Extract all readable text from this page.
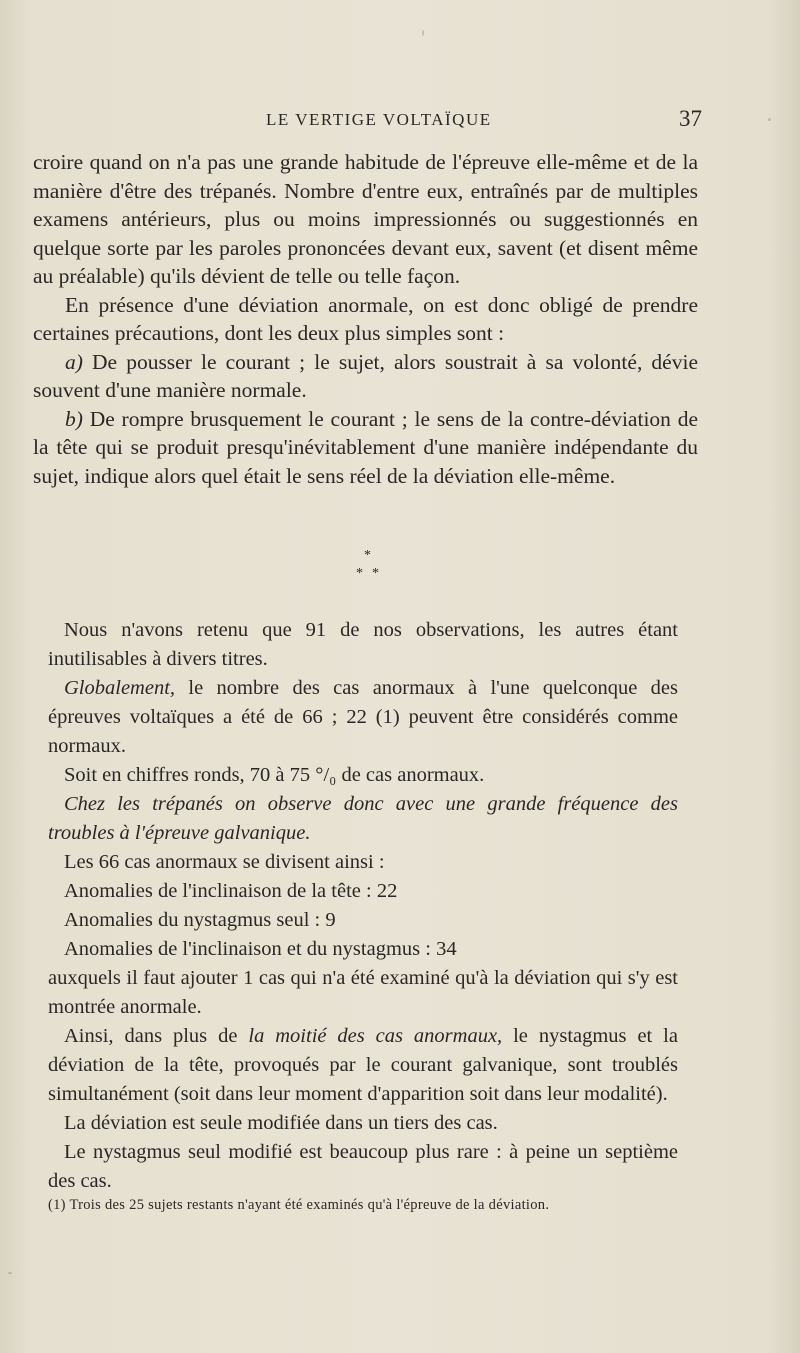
LE VERTIGE VOLTAÏQUE	37

croire quand on n'a pas une grande habitude de l'épreuve elle-même et de la manière d'être des trépanés. Nombre d'entre eux, entraînés par de multiples examens antérieurs, plus ou moins impressionnés ou suggestionnés en quelque sorte par les paroles prononcées devant eux, savent (et disent même au préalable) qu'ils dévient de telle ou telle façon.

En présence d'une déviation anormale, on est donc obligé de prendre certaines précautions, dont les deux plus simples sont :

a) De pousser le courant ; le sujet, alors soustrait à sa volonté, dévie souvent d'une manière normale.

b) De rompre brusquement le courant ; le sens de la contre-déviation de la tête qui se produit presqu'inévitablement d'une manière indépendante du sujet, indique alors quel était le sens réel de la déviation elle-même.

*
* *

Nous n'avons retenu que 91 de nos observations, les autres étant inutilisables à divers titres.

Globalement, le nombre des cas anormaux à l'une quelconque des épreuves voltaïques a été de 66 ; 22 (1) peuvent être considérés comme normaux.

Soit en chiffres ronds, 70 à 75 °/₀ de cas anormaux.

Chez les trépanés on observe donc avec une grande fréquence des troubles à l'épreuve galvanique.

Les 66 cas anormaux se divisent ainsi :

Anomalies de l'inclinaison de la tête : 22

Anomalies du nystagmus seul : 9

Anomalies de l'inclinaison et du nystagmus : 34

auxquels il faut ajouter 1 cas qui n'a été examiné qu'à la déviation qui s'y est montrée anormale.

Ainsi, dans plus de la moitié des cas anormaux, le nystagmus et la déviation de la tête, provoqués par le courant galvanique, sont troublés simultanément (soit dans leur moment d'apparition soit dans leur modalité).

La déviation est seule modifiée dans un tiers des cas.

Le nystagmus seul modifié est beaucoup plus rare : à peine un septième des cas.

(1) Trois des 25 sujets restants n'ayant été examinés qu'à l'épreuve de la déviation.
